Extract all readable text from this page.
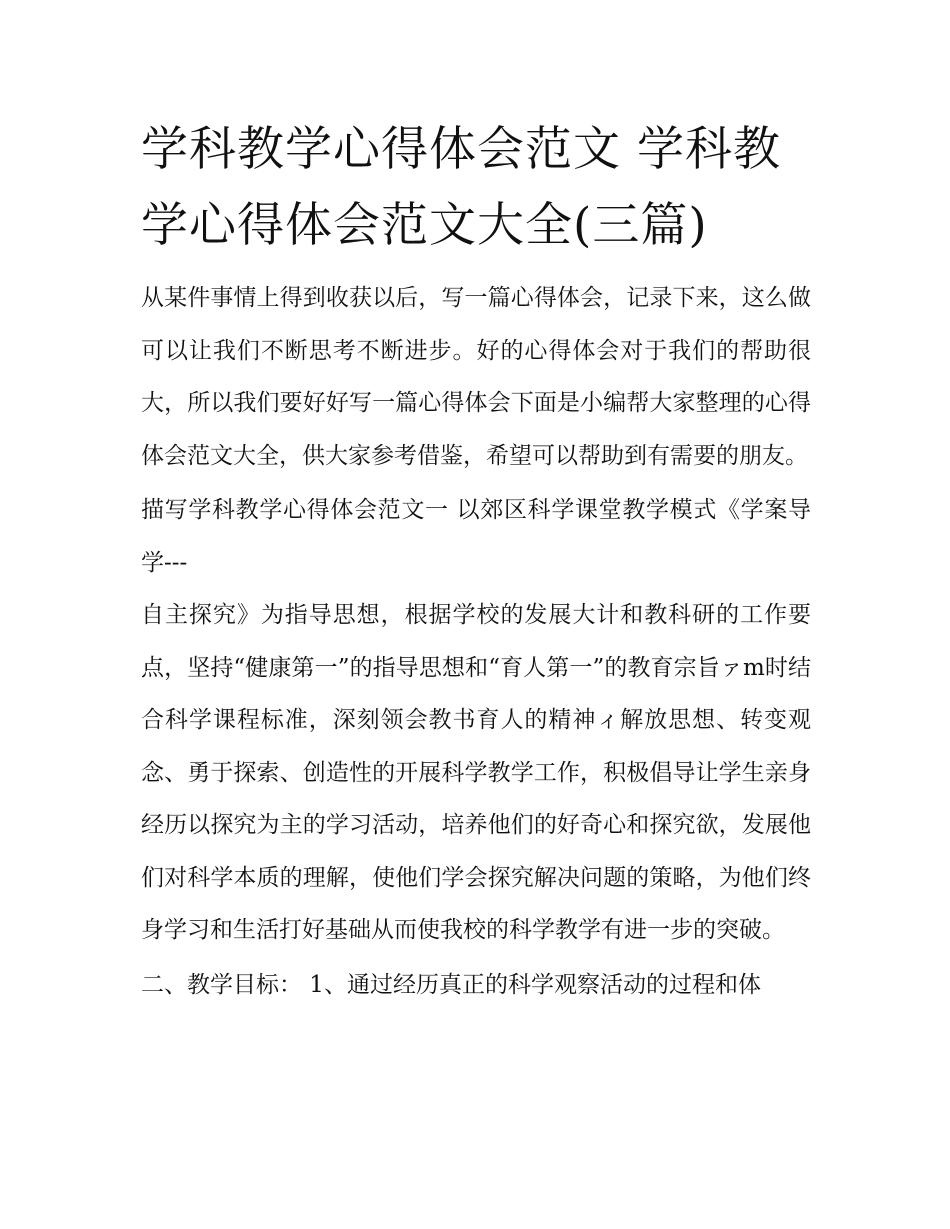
学科教学心得体会范文 学科教学心得体会范文大全(三篇)

从某件事情上得到收获以后，写一篇心得体会，记录下来，这么做可以让我们不断思考不断进步。好的心得体会对于我们的帮助很大，所以我们要好好写一篇心得体会下面是小编帮大家整理的心得体会范文大全，供大家参考借鉴，希望可以帮助到有需要的朋友。

描写学科教学心得体会范文一 以郊区科学课堂教学模式《学案导学---

自主探究》为指导思想，根据学校的发展大计和教科研的工作要点，坚持“健康第一”的指导思想和“育人第一”的教育宗旨ァm时结合科学课程标准，深刻领会教书育人的精神ィ解放思想、转变观念、勇于探索、创造性的开展科学教学工作，积极倡导让学生亲身经历以探究为主的学习活动，培养他们的好奇心和探究欲，发展他们对科学本质的理解，使他们学会探究解决问题的策略，为他们终身学习和生活打好基础从而使我校的科学教学有进一步的突破。

二、教学目标： 1、通过经历真正的科学观察活动的过程和体
